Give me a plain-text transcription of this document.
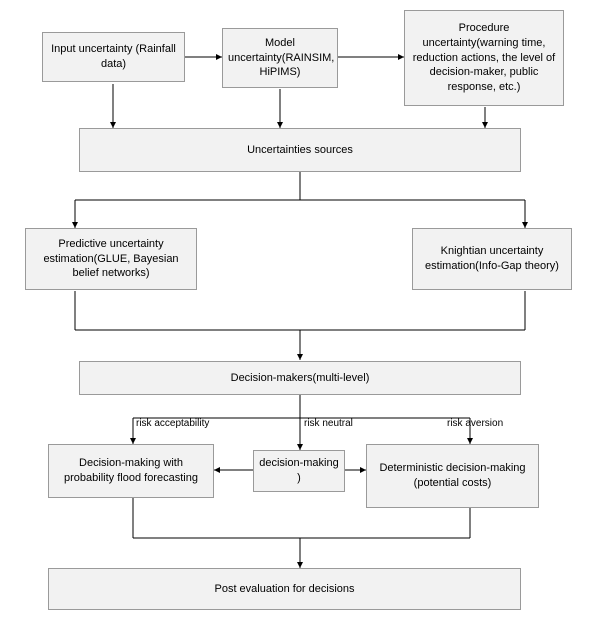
Input uncertainty (Rainfall data)
Model uncertainty(RAINSIM, HiPIMS)
Procedure uncertainty(warning time, reduction actions, the level of decision-maker, public response, etc.)
Uncertainties sources
Predictive uncertainty estimation(GLUE, Bayesian belief networks)
Knightian uncertainty estimation(Info-Gap theory)
Decision-makers(multi-level)
risk acceptability	risk neutral	risk aversion
Decision-making with probability flood forecasting
decision-making )
Deterministic decision-making (potential costs)
Post evaluation for decisions
